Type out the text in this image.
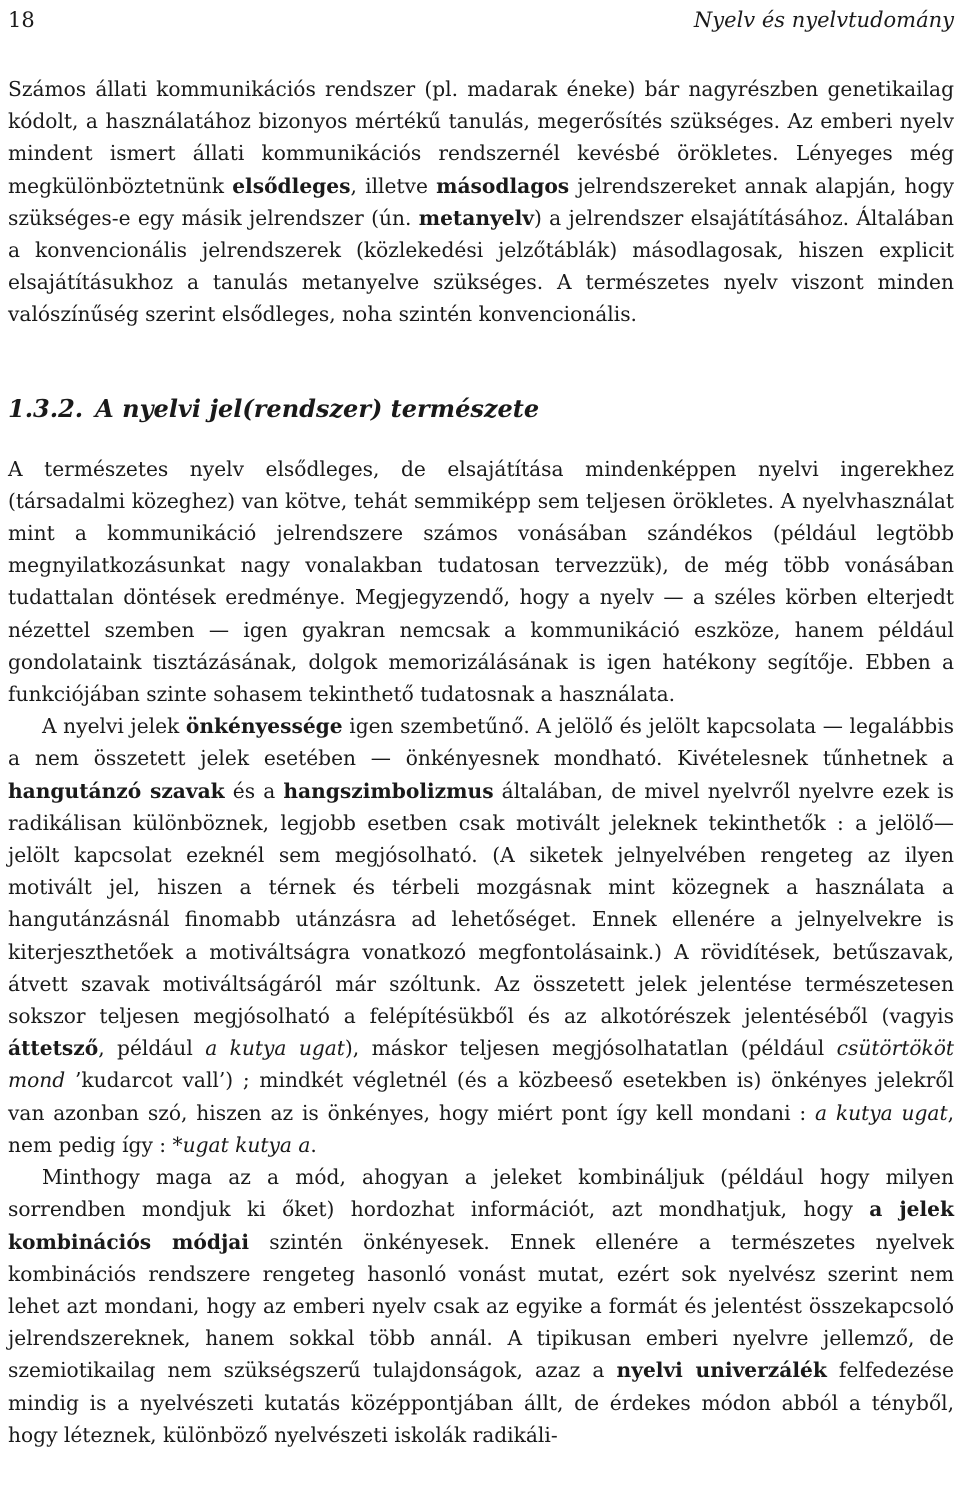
18	Nyelv és nyelvtudomány

Számos állati kommunikációs rendszer (pl. madarak éneke) bár nagyrészben genetikailag kódolt, a használatához bizonyos mértékű tanulás, megerősítés szükséges. Az emberi nyelv mindent ismert állati kommunikációs rendszernél kevésbé örökletes. Lényeges még megkülönböztetnünk elsődleges, illetve másodlagos jelrendszereket annak alapján, hogy szükséges-e egy másik jelrendszer (ún. metanyelv) a jelrendszer elsajátításához. Általában a konvencionális jelrendszerek (közlekedési jelzőtáblák) másodlagosak, hiszen explicit elsajátításukhoz a tanulás metanyelve szükséges. A természetes nyelv viszont minden valószínűség szerint elsődleges, noha szintén konvencionális.

1.3.2. A nyelvi jel(rendszer) természete

A természetes nyelv elsődleges, de elsajátítása mindenképpen nyelvi ingerekhez (társadalmi közeghez) van kötve, tehát semmiképp sem teljesen örökletes. A nyelvhasználat mint a kommunikáció jelrendszere számos vonásában szándékos (például legtöbb megnyilatkozásunkat nagy vonalakban tudatosan tervezzük), de még több vonásában tudattalan döntések eredménye. Megjegyzendő, hogy a nyelv — a széles körben elterjedt nézettel szemben — igen gyakran nemcsak a kommunikáció eszköze, hanem például gondolataink tisztázásának, dolgok memorizálásának is igen hatékony segítője. Ebben a funkciójában szinte sohasem tekinthető tudatosnak a használata.

A nyelvi jelek önkényessége igen szembetűnő. A jelölő és jelölt kapcsolata — legalábbis a nem összetett jelek esetében — önkényesnek mondható. Kivételesnek tűnhetnek a hangutánzó szavak és a hangszimbolizmus általában, de mivel nyelvről nyelvre ezek is radikálisan különböznek, legjobb esetben csak motivált jeleknek tekinthetők : a jelölő—jelölt kapcsolat ezeknél sem megjósolható. (A siketek jelnyelvében rengeteg az ilyen motivált jel, hiszen a térnek és térbeli mozgásnak mint közegnek a használata a hangutánzásnál finomabb utánzásra ad lehetőséget. Ennek ellenére a jelnyelvekre is kiterjeszthetőek a motiváltságra vonatkozó megfontolásaink.) A rövidítések, betűszavak, átvett szavak motiváltságáról már szóltunk. Az összetett jelek jelentése természetesen sokszor teljesen megjósolható a felépítésükből és az alkotórészek jelentéséből (vagyis áttetsző, például a kutya ugat), máskor teljesen megjósolhatatlan (például csütörtököt mond ’kudarcot vall’) ; mindkét végletnél (és a közbeeső esetekben is) önkényes jelekről van azonban szó, hiszen az is önkényes, hogy miért pont így kell mondani : a kutya ugat, nem pedig így : *ugat kutya a.

Minthogy maga az a mód, ahogyan a jeleket kombináljuk (például hogy milyen sorrendben mondjuk ki őket) hordozhat információt, azt mondhatjuk, hogy a jelek kombinációs módjai szintén önkényesek. Ennek ellenére a természetes nyelvek kombinációs rendszere rengeteg hasonló vonást mutat, ezért sok nyelvész szerint nem lehet azt mondani, hogy az emberi nyelv csak az egyike a formát és jelentést összekapcsoló jelrendszereknek, hanem sokkal több annál. A tipikusan emberi nyelvre jellemző, de szemiotikailag nem szükségszerű tulajdonságok, azaz a nyelvi univerzálék felfedezése mindig is a nyelvészeti kutatás középpontjában állt, de érdekes módon abból a tényből, hogy léteznek, különböző nyelvészeti iskolák radikáli-
